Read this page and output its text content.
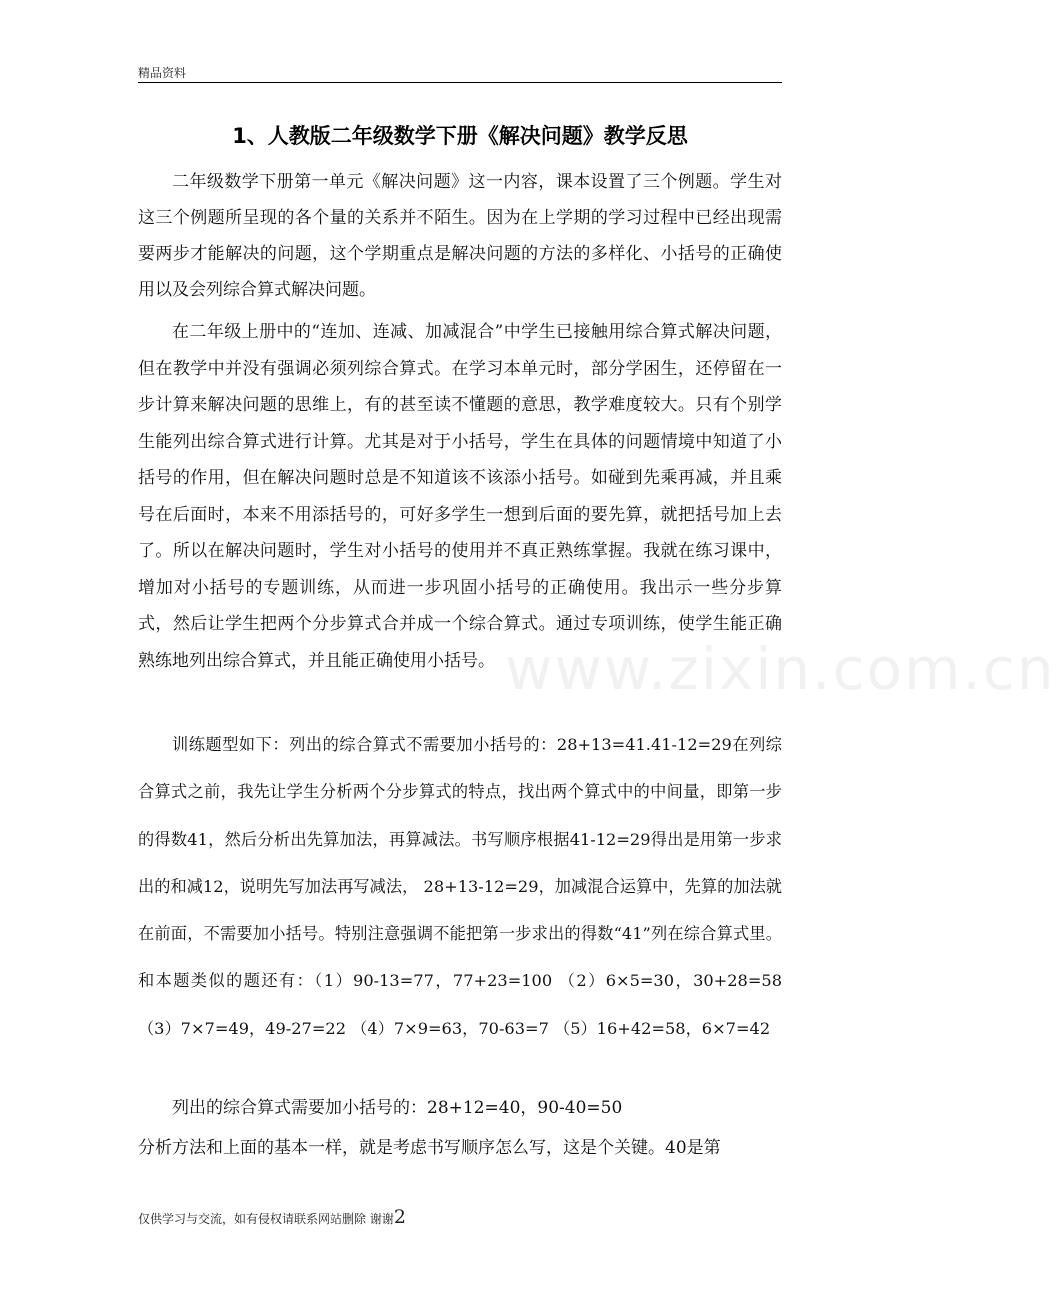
精品资料
1、人教版二年级数学下册《解决问题》教学反思

二年级数学下册第一单元《解决问题》这一内容，课本设置了三个例题。学生对这三个例题所呈现的各个量的关系并不陌生。因为在上学期的学习过程中已经出现需要两步才能解决的问题，这个学期重点是解决问题的方法的多样化、小括号的正确使用以及会列综合算式解决问题。

在二年级上册中的“连加、连减、加减混合”中学生已接触用综合算式解决问题，但在教学中并没有强调必须列综合算式。在学习本单元时，部分学困生，还停留在一步计算来解决问题的思维上，有的甚至读不懂题的意思，教学难度较大。只有个别学生能列出综合算式进行计算。尤其是对于小括号，学生在具体的问题情境中知道了小括号的作用，但在解决问题时总是不知道该不该添小括号。如碰到先乘再减，并且乘号在后面时，本来不用添括号的，可好多学生一想到后面的要先算，就把括号加上去了。所以在解决问题时，学生对小括号的使用并不真正熟练掌握。我就在练习课中，增加对小括号的专题训练，从而进一步巩固小括号的正确使用。我出示一些分步算式，然后让学生把两个分步算式合并成一个综合算式。通过专项训练，使学生能正确熟练地列出综合算式，并且能正确使用小括号。

训练题型如下：列出的综合算式不需要加小括号的：28+13=41.41-12=29在列综合算式之前，我先让学生分析两个分步算式的特点，找出两个算式中的中间量，即第一步的得数41，然后分析出先算加法，再算减法。书写顺序根据41-12=29得出是用第一步求出的和减12，说明先写加法再写减法， 28+13-12=29，加减混合运算中，先算的加法就在前面，不需要加小括号。特别注意强调不能把第一步求出的得数“41”列在综合算式里。和本题类似的题还有：（1）90-13=77，77+23=100 （2）6×5=30，30+28=58 （3）7×7=49，49-27=22 （4）7×9=63，70-63=7 （5）16+42=58，6×7=42

列出的综合算式需要加小括号的：28+12=40，90-40=50

分析方法和上面的基本一样，就是考虑书写顺序怎么写，这是个关键。40是第

www.zixin.com.cn
仅供学习与交流，如有侵权请联系网站删除 谢谢2
